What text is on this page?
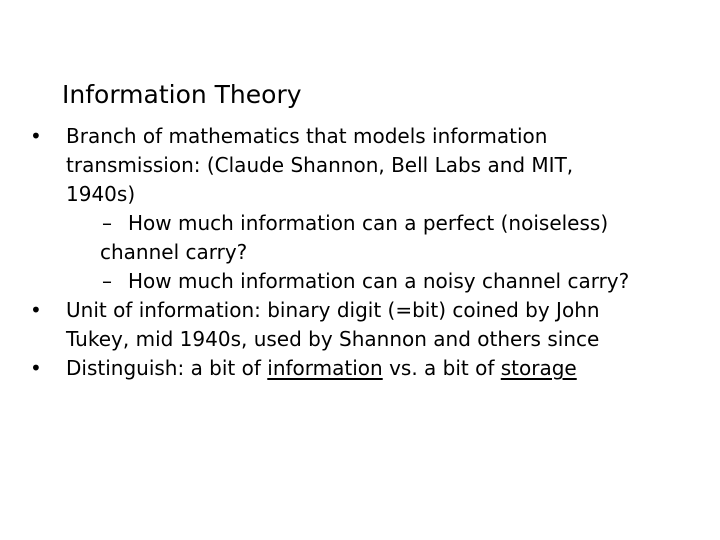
Information Theory
• Branch of mathematics that models information
transmission: (Claude Shannon, Bell Labs and MIT,
1940s)
– How much information can a perfect (noiseless)
channel carry?
– How much information can a noisy channel carry?
• Unit of information: binary digit (=bit) coined by John
Tukey, mid 1940s, used by Shannon and others since
• Distinguish: a bit of information vs. a bit of storage
